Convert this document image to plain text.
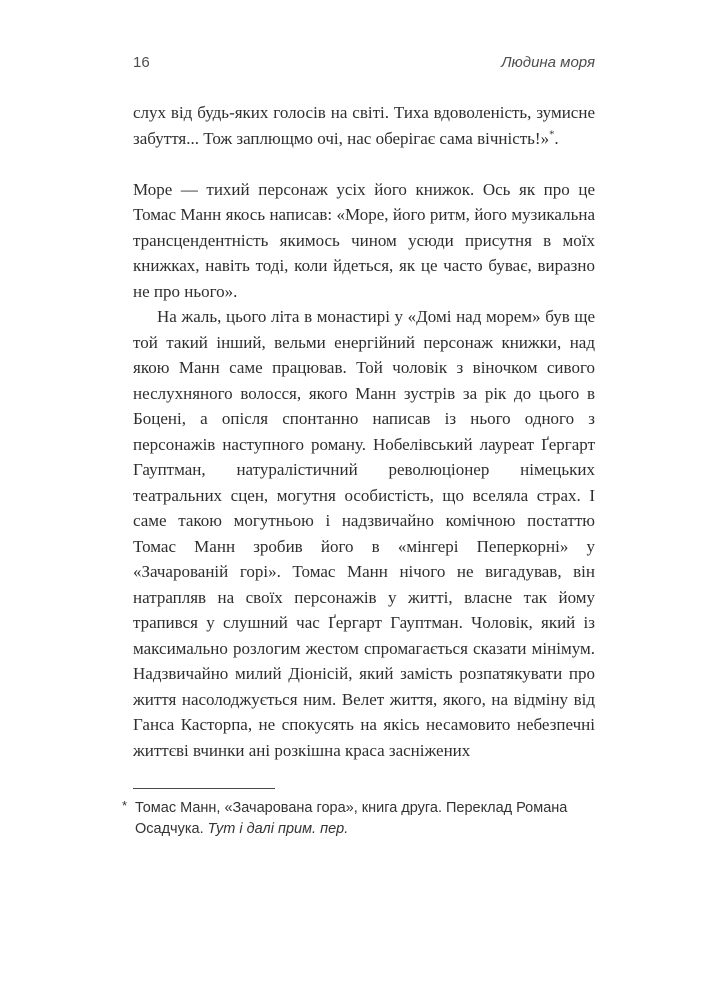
16	Людина моря

слух від будь-яких голосів на світі. Тиха вдоволеність, зумисне забуття... Тож заплющмо очі, нас оберігає сама вічність!»*.

Море — тихий персонаж усіх його книжок. Ось як про це Томас Манн якось написав: «Море, його ритм, його музикальна трансцендентність якимось чином усюди присутня в моїх книжках, навіть тоді, коли йдеться, як це часто буває, виразно не про нього».

На жаль, цього літа в монастирі у «Домі над морем» був ще той такий інший, вельми енергійний персонаж книжки, над якою Манн саме працював. Той чоловік з віночком сивого неслухняного волосся, якого Манн зустрів за рік до цього в Боцені, а опісля спонтанно написав із нього одного з персонажів наступного роману. Нобелівський лауреат Ґергарт Гауптман, натуралістичний революціонер німецьких театральних сцен, могутня особистість, що вселяла страх. І саме такою могутньою і надзвичайно комічною постаттю Томас Манн зробив його в «мінгері Пеперкорні» у «Зачарованій горі». Томас Манн нічого не вигадував, він натрапляв на своїх персонажів у житті, власне так йому трапився у слушний час Ґергарт Гауптман. Чоловік, який із максимально розлогим жестом спромагається сказати мінімум. Надзвичайно милий Діонісій, який замість розпатякувати про життя насолоджується ним. Велет життя, якого, на відміну від Ганса Касторпа, не спокусять на якісь несамовито небезпечні життєві вчинки ані розкішна краса засніжених

* Томас Манн, «Зачарована гора», книга друга. Переклад Романа Осадчука. Тут і далі прим. пер.
